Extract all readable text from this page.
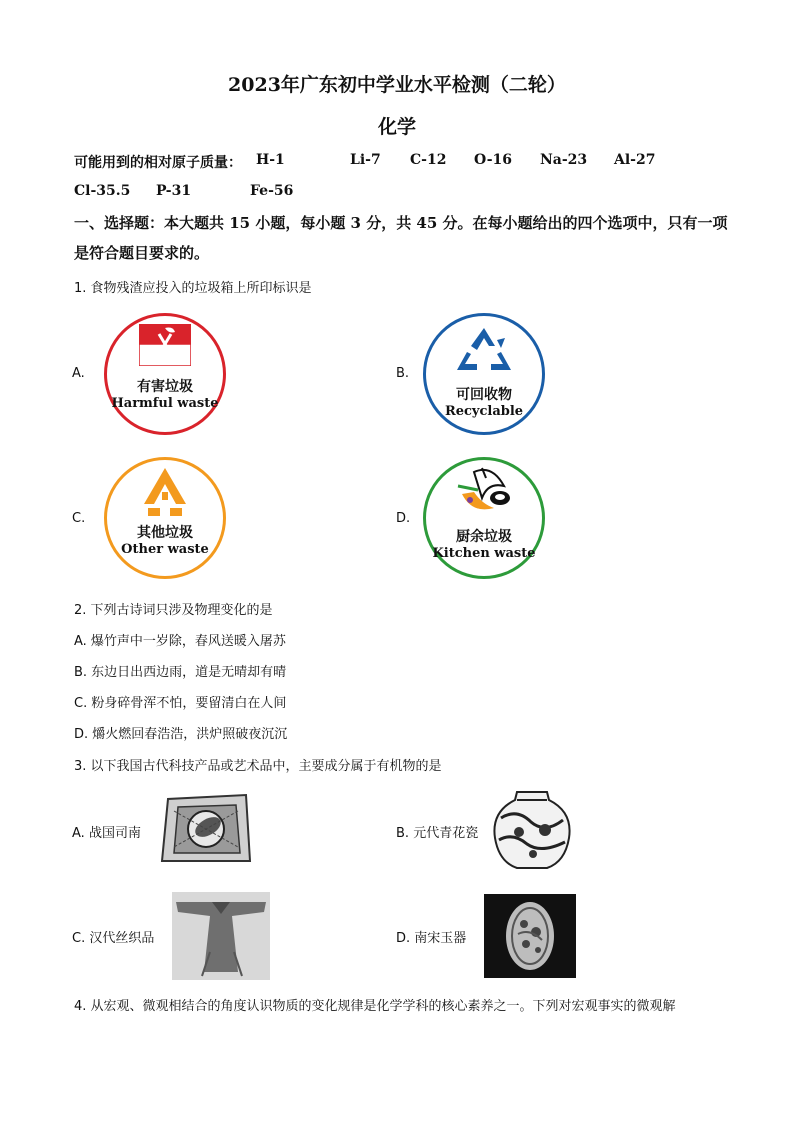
2023年广东初中学业水平检测（二轮）
化学
可能用到的相对原子质量： H-1	Li-7 C-12 O-16 Na-23 Al-27
Cl-35.5 P-31	Fe-56
一、选择题：本大题共 15 小题，每小题 3 分，共 45 分。在每小题给出的四个选项中，只有一项是符合题目要求的。
1. 食物残渣应投入的垃圾箱上所印标识是
A.
有害垃圾
Harmful waste
B.
可回收物
Recyclable
C.
其他垃圾
Other waste
D.
厨余垃圾
Kitchen waste
2. 下列古诗词只涉及物理变化的是
A. 爆竹声中一岁除，春风送暖入屠苏
B. 东边日出西边雨，道是无晴却有晴
C. 粉身碎骨浑不怕，要留清白在人间
D. 爝火燃回春浩浩，洪炉照破夜沉沉
3. 以下我国古代科技产品或艺术品中，主要成分属于有机物的是
A. 战国司南	B. 元代青花瓷
C. 汉代丝织品	D. 南宋玉器
4. 从宏观、微观相结合的角度认识物质的变化规律是化学学科的核心素养之一。下列对宏观事实的微观解
